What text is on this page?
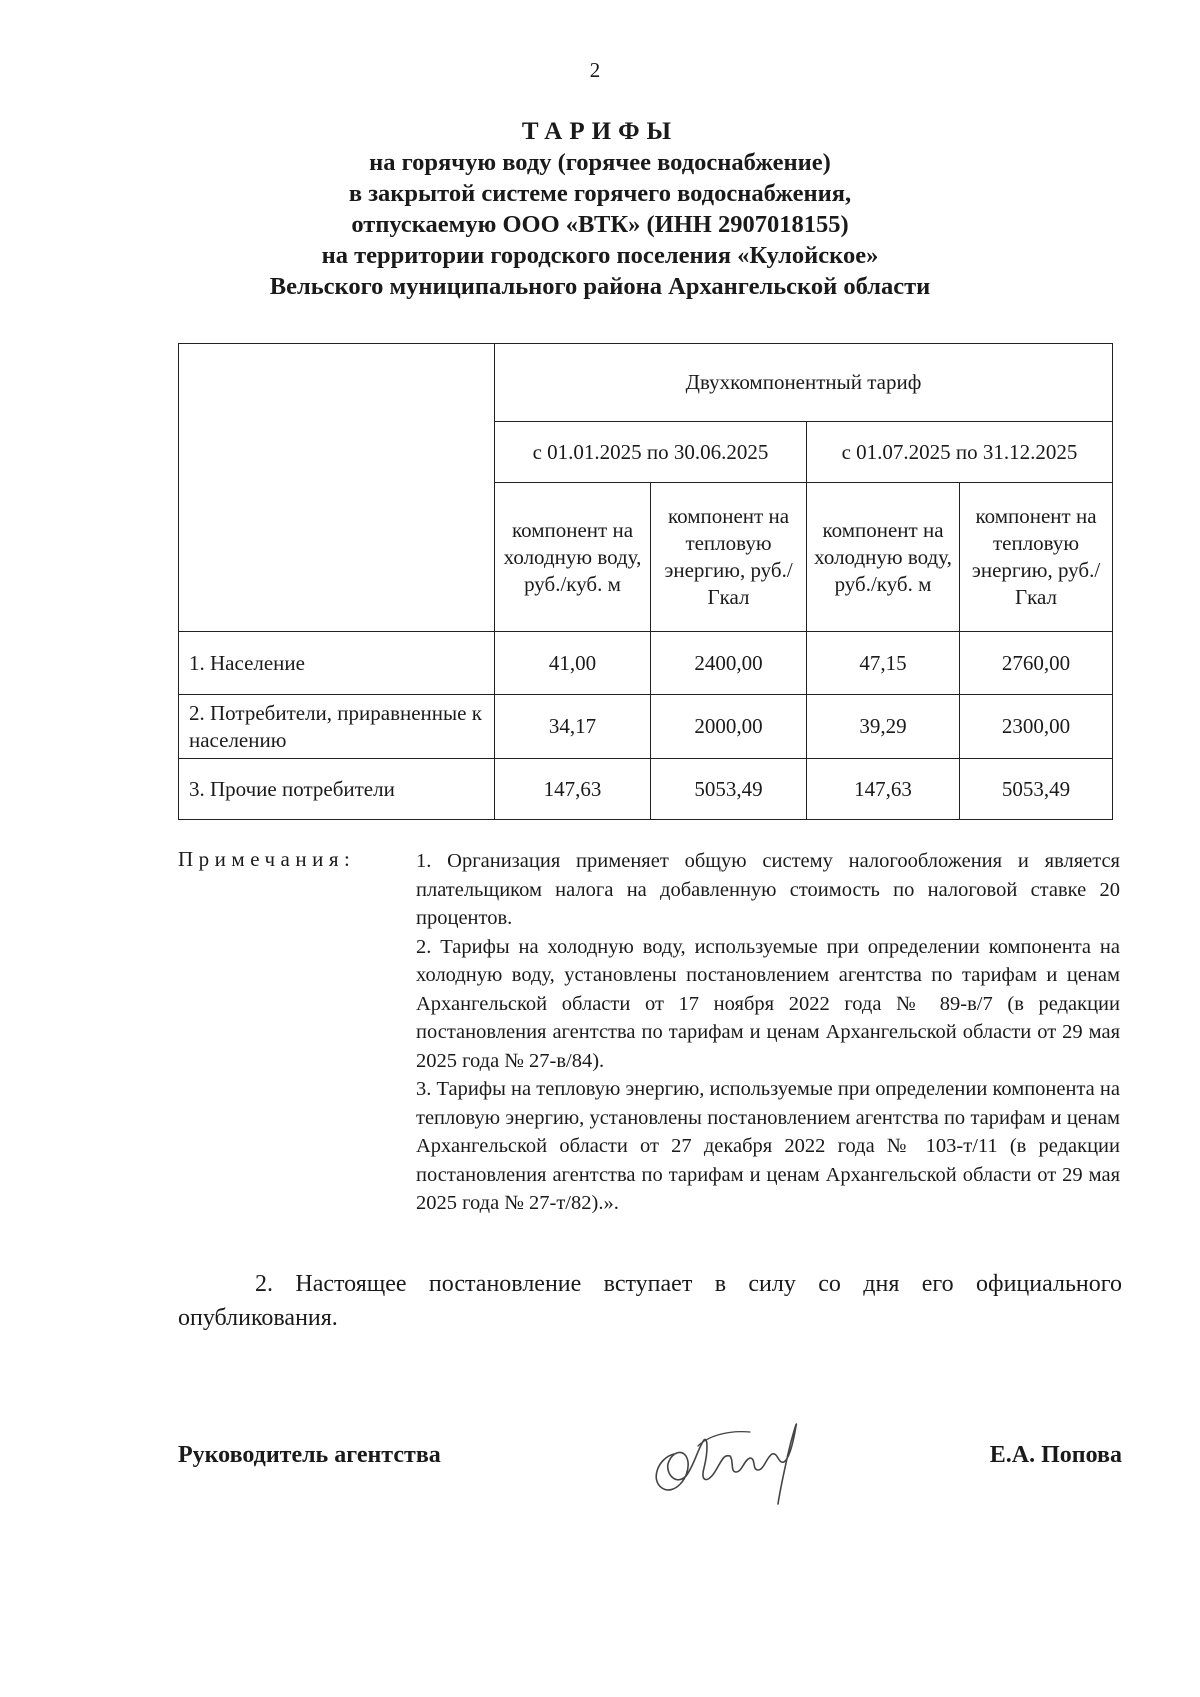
2
ТАРИФЫ
на горячую воду (горячее водоснабжение)
в закрытой системе горячего водоснабжения,
отпускаемую ООО «ВТК» (ИНН 2907018155)
на территории городского поселения «Кулойское»
Вельского муниципального района Архангельской области
	Двухкомпонентный тариф			
	с 01.01.2025 по 30.06.2025		с 01.07.2025 по 31.12.2025	
	компонент на холодную воду, руб./куб. м	компонент на тепловую энергию, руб./Гкал	компонент на холодную воду, руб./куб. м	компонент на тепловую энергию, руб./Гкал
1. Население	41,00	2400,00	47,15	2760,00
2. Потребители, приравненные к населению	34,17	2000,00	39,29	2300,00
3. Прочие потребители	147,63	5053,49	147,63	5053,49
Примечания:	1. Организация применяет общую систему налогообложения и является плательщиком налога на добавленную стоимость по налоговой ставке 20 процентов.

2. Тарифы на холодную воду, используемые при определении компонента на холодную воду, установлены постановлением агентства по тарифам и ценам Архангельской области от 17 ноября 2022 года № 89-в/7 (в редакции постановления агентства по тарифам и ценам Архангельской области от 29 мая 2025 года № 27-в/84).

3. Тарифы на тепловую энергию, используемые при определении компонента на тепловую энергию, установлены постановлением агентства по тарифам и ценам Архангельской области от 27 декабря 2022 года № 103-т/11 (в редакции постановления агентства по тарифам и ценам Архангельской области от 29 мая 2025 года № 27-т/82).».

2. Настоящее постановление вступает в силу со дня его официального опубликования.
Руководитель агентства	Е.А. Попова
